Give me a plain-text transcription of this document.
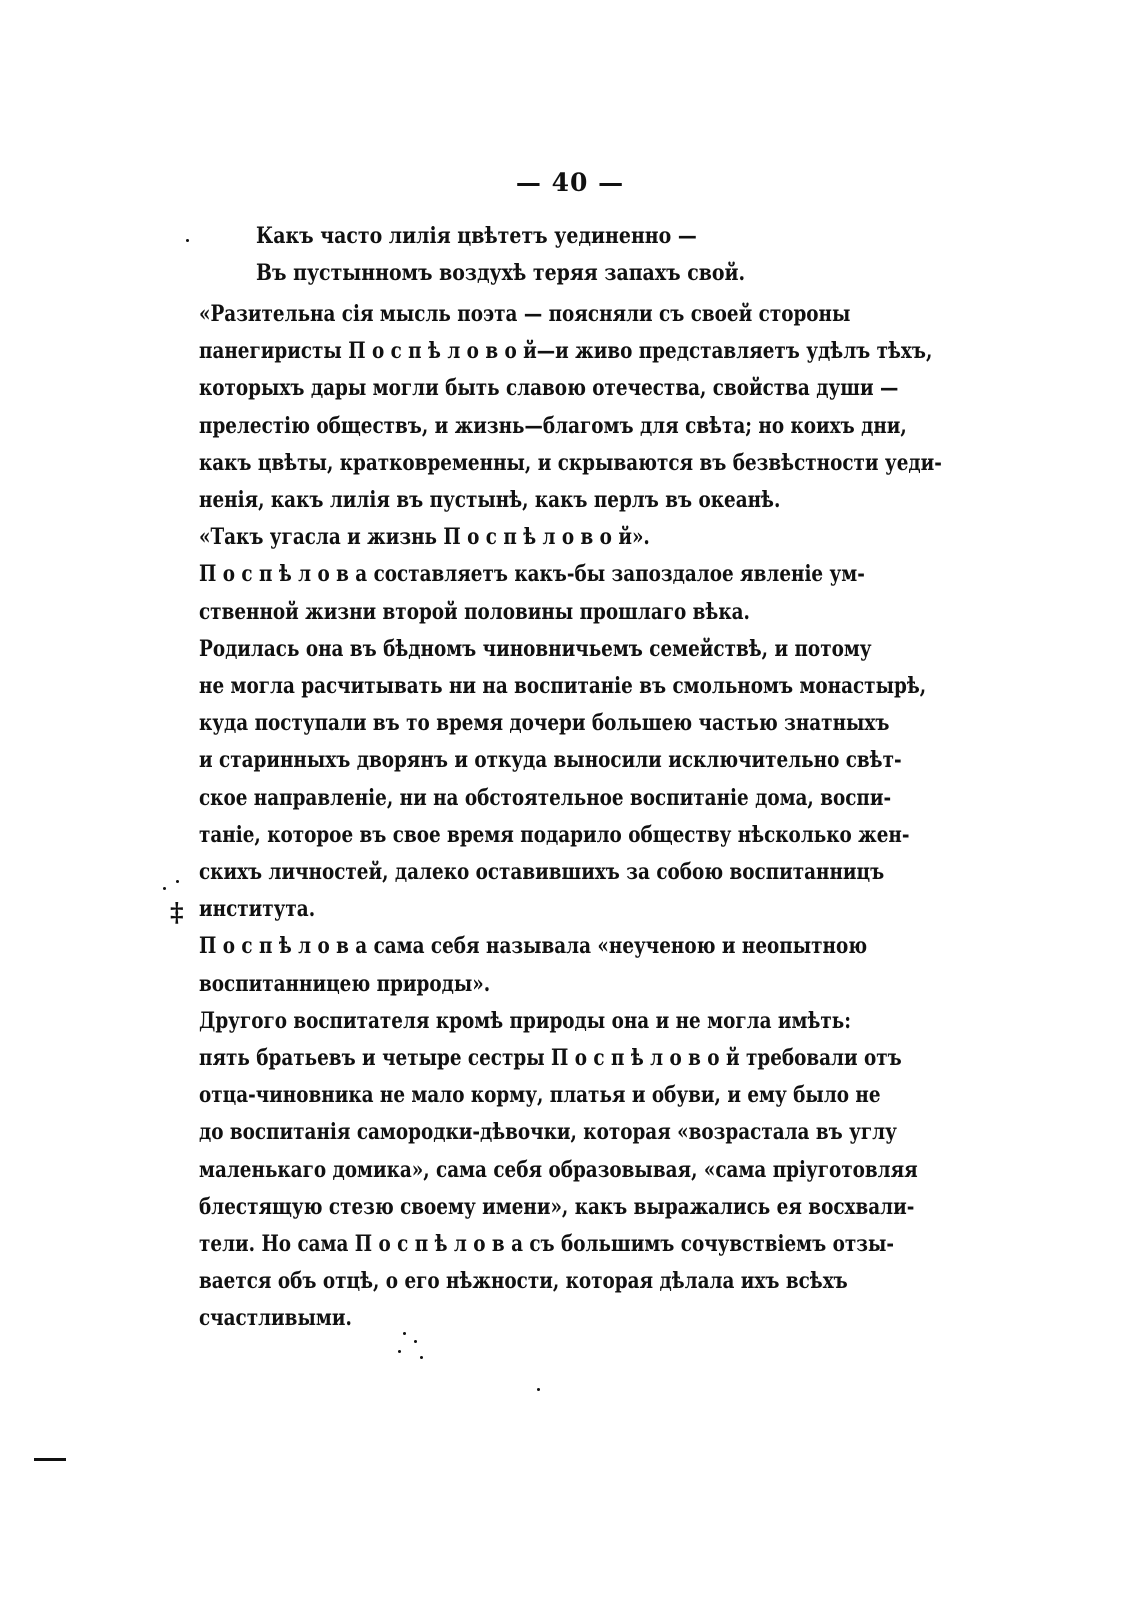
— 40 —
Какъ часто лилія цвѣтетъ уединенно —
Въ пустынномъ воздухѣ теряя запахъ свой.
«Разительна сія мысль поэта — поясняли съ своей стороны
панегиристы П о с п ѣ л о в о й—и живо представляетъ удѣлъ тѣхъ,
которыхъ дары могли быть славою отечества, свойства души —
прелестію обществъ, и жизнь—благомъ для свѣта; но коихъ дни,
какъ цвѣты, кратковременны, и скрываются въ безвѣстности уеди-
ненія, какъ лилія въ пустынѣ, какъ перлъ въ океанѣ.
«Такъ угасла и жизнь П о с п ѣ л о в о й».
П о с п ѣ л о в а составляетъ какъ-бы запоздалое явленіе ум-
ственной жизни второй половины прошлаго вѣка.
Родилась она въ бѣдномъ чиновничьемъ семействѣ, и потому
не могла расчитывать ни на воспитаніе въ смольномъ монастырѣ,
куда поступали въ то время дочери большею частью знатныхъ
и старинныхъ дворянъ и откуда выносили исключительно свѣт-
ское направленіе, ни на обстоятельное воспитаніе дома, воспи-
таніе, которое въ свое время подарило обществу нѣсколько жен-
скихъ личностей, далеко оставившихъ за собою воспитанницъ
института.
П о с п ѣ л о в а сама себя называла «неученою и неопытною
воспитанницею природы».
Другого воспитателя кромѣ природы она и не могла имѣть:
пять братьевъ и четыре сестры П о с п ѣ л о в о й требовали отъ
отца-чиновника не мало корму, платья и обуви, и ему было не
до воспитанія самородки-дѣвочки, которая «возрастала въ углу
маленькаго домика», сама себя образовывая, «сама пріуготовляя
блестящую стезю своему имени», какъ выражались ея восхвали-
тели. Но сама П о с п ѣ л о в а съ большимъ сочувствіемъ отзы-
вается объ отцѣ, о его нѣжности, которая дѣлала ихъ всѣхъ
счастливыми.
‡
